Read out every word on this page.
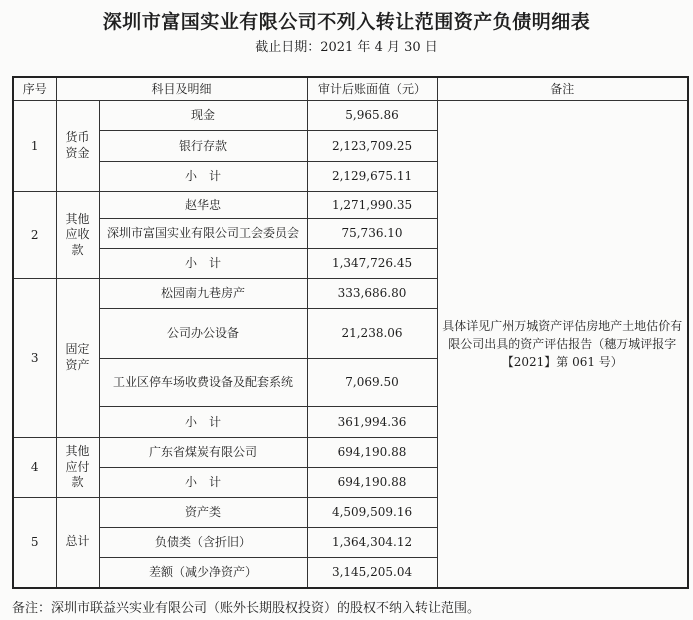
深圳市富国实业有限公司不列入转让范围资产负债明细表
截止日期：2021 年 4 月 30 日
序号	科目及明细		审计后账面值（元）	备注
1	货币资金	现金	5,965.86	具体详见广州万城资产评估房地产土地估价有限公司出具的资产评估报告（穗万城评报字【2021】第 061 号）
		银行存款	2,123,709.25	
		小　计	2,129,675.11	
2	其他应收款	赵华忠	1,271,990.35	
		深圳市富国实业有限公司工会委员会	75,736.10	
		小　计	1,347,726.45	
3	固定资产	松园南九巷房产	333,686.80	
		公司办公设备	21,238.06	
		工业区停车场收费设备及配套系统	7,069.50	
		小　计	361,994.36	
4	其他应付款	广东省煤炭有限公司	694,190.88	
		小　计	694,190.88	
5	总计	资产类	4,509,509.16	
		负债类（含折旧）	1,364,304.12	
		差额（减少净资产）	3,145,205.04	
备注：深圳市联益兴实业有限公司（账外长期股权投资）的股权不纳入转让范围。
